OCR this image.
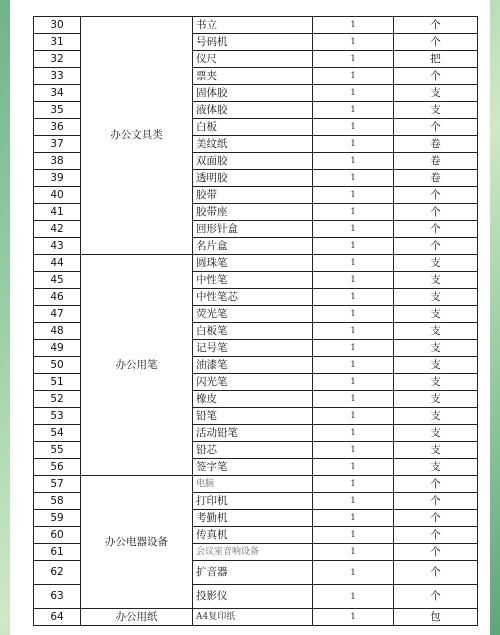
30	办公文具类	书立	1	个
31		号码机	1	个
32		仪尺	1	把
33		票夹	1	个
34		固体胶	1	支
35		液体胶	1	支
36		白板	1	个
37		美纹纸	1	卷
38		双面胶	1	卷
39		透明胶	1	卷
40		胶带	1	个
41		胶带座	1	个
42		回形针盒	1	个
43		名片盒	1	个
44	办公用笔	圆珠笔	1	支
45		中性笔	1	支
46		中性笔芯	1	支
47		荧光笔	1	支
48		白板笔	1	支
49		记号笔	1	支
50		油漆笔	1	支
51		闪光笔	1	支
52		橡皮	1	支
53		铅笔	1	支
54		活动铅笔	1	支
55		铅芯	1	支
56		签字笔	1	支
57	办公电器设备	电脑	1	个
58		打印机	1	个
59		考勤机	1	个
60		传真机	1	个
61		会议室音响设备	1	个
62		扩音器	1	个
63		投影仪	1	个
64	办公用纸	A4复印纸	1	包
